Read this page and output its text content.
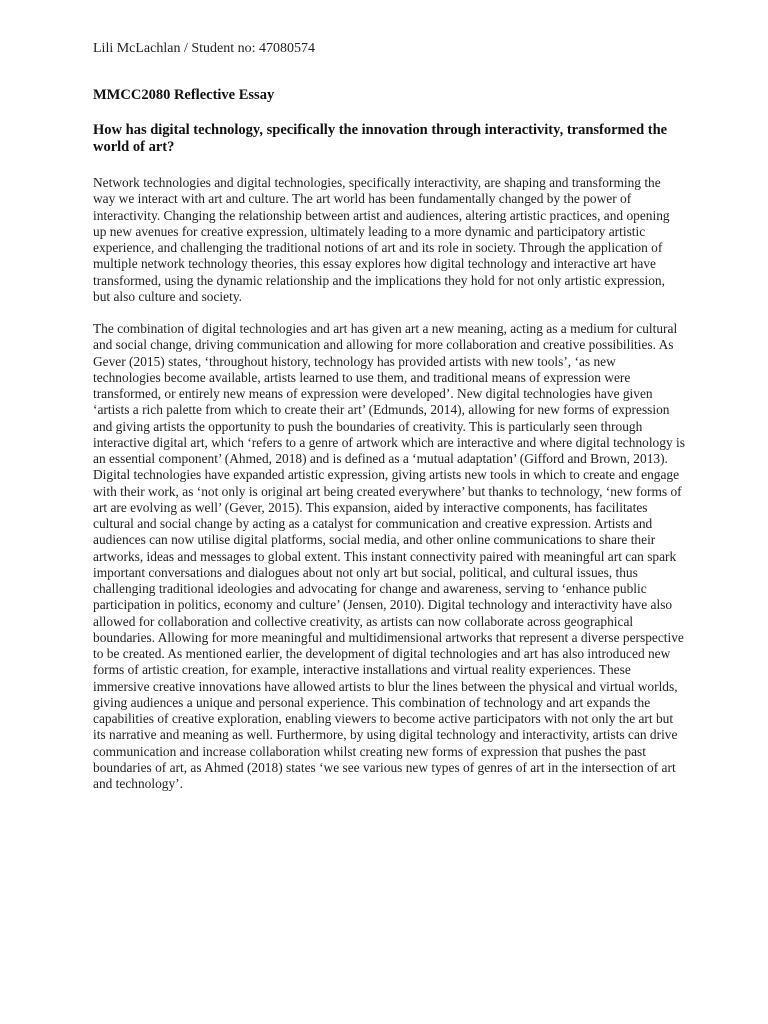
Lili McLachlan / Student no: 47080574
MMCC2080 Reflective Essay
How has digital technology, specifically the innovation through interactivity, transformed the world of art?

Network technologies and digital technologies, specifically interactivity, are shaping and transforming the way we interact with art and culture. The art world has been fundamentally changed by the power of interactivity. Changing the relationship between artist and audiences, altering artistic practices, and opening up new avenues for creative expression, ultimately leading to a more dynamic and participatory artistic experience, and challenging the traditional notions of art and its role in society. Through the application of multiple network technology theories, this essay explores how digital technology and interactive art have transformed, using the dynamic relationship and the implications they hold for not only artistic expression, but also culture and society.

The combination of digital technologies and art has given art a new meaning, acting as a medium for cultural and social change, driving communication and allowing for more collaboration and creative possibilities. As Gever (2015) states, ‘throughout history, technology has provided artists with new tools’, ‘as new technologies become available, artists learned to use them, and traditional means of expression were transformed, or entirely new means of expression were developed’. New digital technologies have given ‘artists a rich palette from which to create their art’ (Edmunds, 2014), allowing for new forms of expression and giving artists the opportunity to push the boundaries of creativity. This is particularly seen through interactive digital art, which ‘refers to a genre of artwork which are interactive and where digital technology is an essential component’ (Ahmed, 2018) and is defined as a ‘mutual adaptation’ (Gifford and Brown, 2013). Digital technologies have expanded artistic expression, giving artists new tools in which to create and engage with their work, as ‘not only is original art being created everywhere’ but thanks to technology, ‘new forms of art are evolving as well’ (Gever, 2015). This expansion, aided by interactive components, has facilitates cultural and social change by acting as a catalyst for communication and creative expression. Artists and audiences can now utilise digital platforms, social media, and other online communications to share their artworks, ideas and messages to global extent. This instant connectivity paired with meaningful art can spark important conversations and dialogues about not only art but social, political, and cultural issues, thus challenging traditional ideologies and advocating for change and awareness, serving to ‘enhance public participation in politics, economy and culture’ (Jensen, 2010). Digital technology and interactivity have also allowed for collaboration and collective creativity, as artists can now collaborate across geographical boundaries. Allowing for more meaningful and multidimensional artworks that represent a diverse perspective to be created. As mentioned earlier, the development of digital technologies and art has also introduced new forms of artistic creation, for example, interactive installations and virtual reality experiences. These immersive creative innovations have allowed artists to blur the lines between the physical and virtual worlds, giving audiences a unique and personal experience. This combination of technology and art expands the capabilities of creative exploration, enabling viewers to become active participators with not only the art but its narrative and meaning as well. Furthermore, by using digital technology and interactivity, artists can drive communication and increase collaboration whilst creating new forms of expression that pushes the past boundaries of art, as Ahmed (2018) states ‘we see various new types of genres of art in the intersection of art and technology’.
